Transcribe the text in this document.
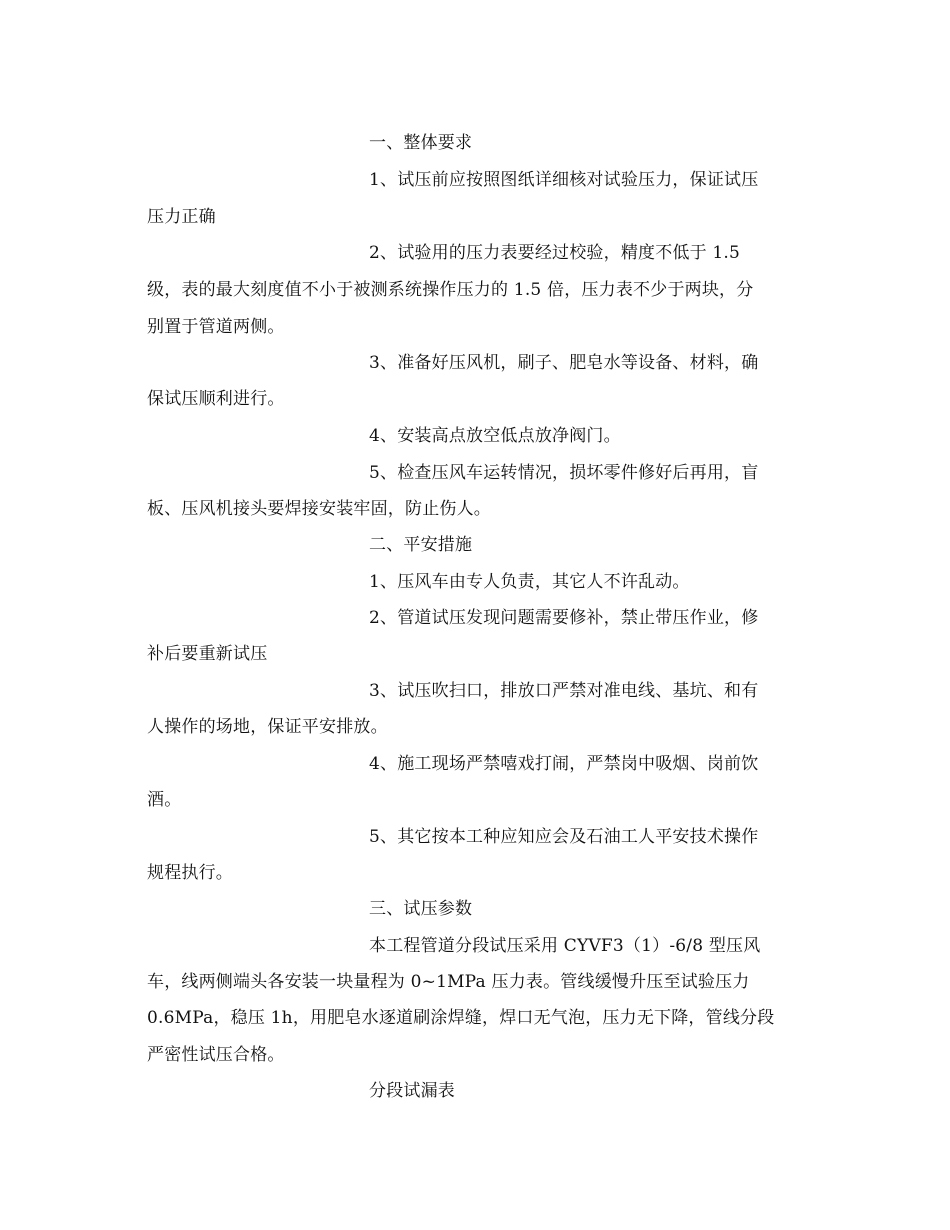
一、整体要求
1、试压前应按照图纸详细核对试验压力，保证试压
压力正确
2、试验用的压力表要经过校验，精度不低于 1.5
级，表的最大刻度值不小于被测系统操作压力的 1.5 倍，压力表不少于两块，分
别置于管道两侧。
3、准备好压风机，刷子、肥皂水等设备、材料，确
保试压顺利进行。
4、安装高点放空低点放净阀门。
5、检查压风车运转情况，损坏零件修好后再用，盲
板、压风机接头要焊接安装牢固，防止伤人。
二、平安措施
1、压风车由专人负责，其它人不许乱动。
2、管道试压发现问题需要修补，禁止带压作业，修
补后要重新试压
3、试压吹扫口，排放口严禁对准电线、基坑、和有
人操作的场地，保证平安排放。
4、施工现场严禁嘻戏打闹，严禁岗中吸烟、岗前饮
酒。
5、其它按本工种应知应会及石油工人平安技术操作
规程执行。
三、试压参数
本工程管道分段试压采用 CYVF3（1）-6/8 型压风
车，线两侧端头各安装一块量程为 0~1MPa 压力表。管线缓慢升压至试验压力
0.6MPa，稳压 1h，用肥皂水逐道刷涂焊缝，焊口无气泡，压力无下降，管线分段
严密性试压合格。
分段试漏表
